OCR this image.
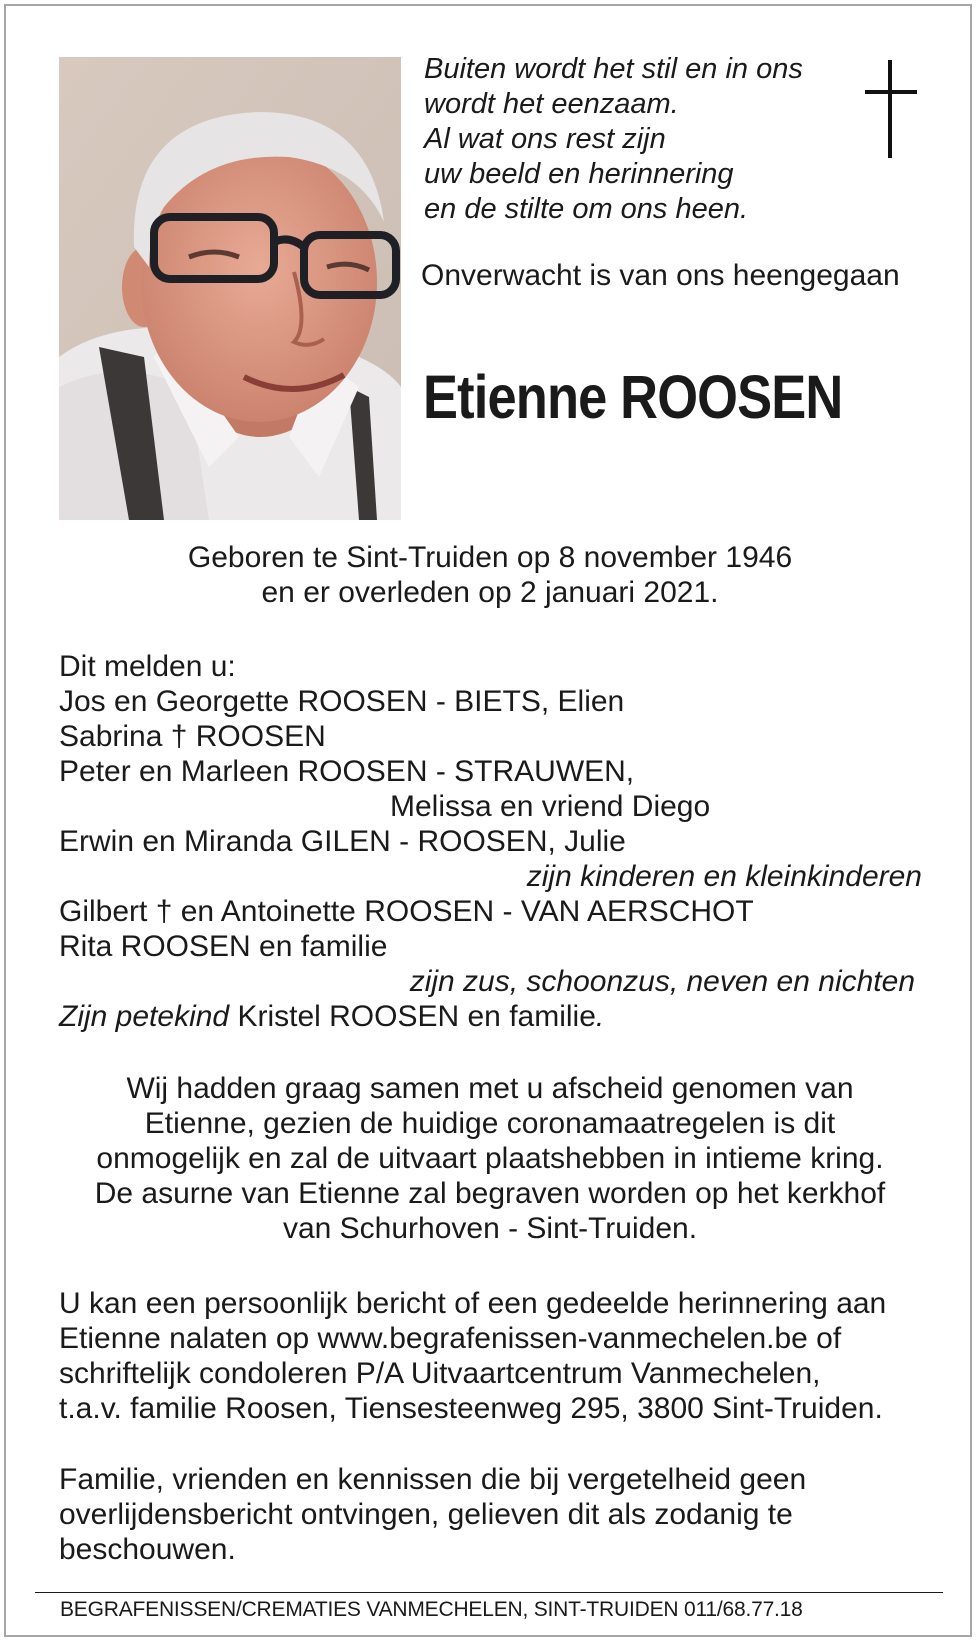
Buiten wordt het stil en in ons
wordt het eenzaam.
Al wat ons rest zijn
uw beeld en herinnering
en de stilte om ons heen.
Onverwacht is van ons heengegaan
Etienne ROOSEN
Geboren te Sint-Truiden op 8 november 1946
en er overleden op 2 januari 2021.
Dit melden u:
Jos en Georgette ROOSEN - BIETS, Elien
Sabrina † ROOSEN
Peter en Marleen ROOSEN - STRAUWEN,
Melissa en vriend Diego
Erwin en Miranda GILEN - ROOSEN, Julie
zijn kinderen en kleinkinderen
Gilbert † en Antoinette ROOSEN - VAN AERSCHOT
Rita ROOSEN en familie
zijn zus, schoonzus, neven en nichten
Zijn petekind Kristel ROOSEN en familie.
Wij hadden graag samen met u afscheid genomen van
Etienne, gezien de huidige coronamaatregelen is dit
onmogelijk en zal de uitvaart plaatshebben in intieme kring.
De asurne van Etienne zal begraven worden op het kerkhof
van Schurhoven - Sint-Truiden.
U kan een persoonlijk bericht of een gedeelde herinnering aan
Etienne nalaten op www.begrafenissen-vanmechelen.be of
schriftelijk condoleren P/A Uitvaartcentrum Vanmechelen,
t.a.v. familie Roosen, Tiensesteenweg 295, 3800 Sint-Truiden.
Familie, vrienden en kennissen die bij vergetelheid geen
overlijdensbericht ontvingen, gelieven dit als zodanig te
beschouwen.
BEGRAFENISSEN/CREMATIES VANMECHELEN, SINT-TRUIDEN 011/68.77.18
